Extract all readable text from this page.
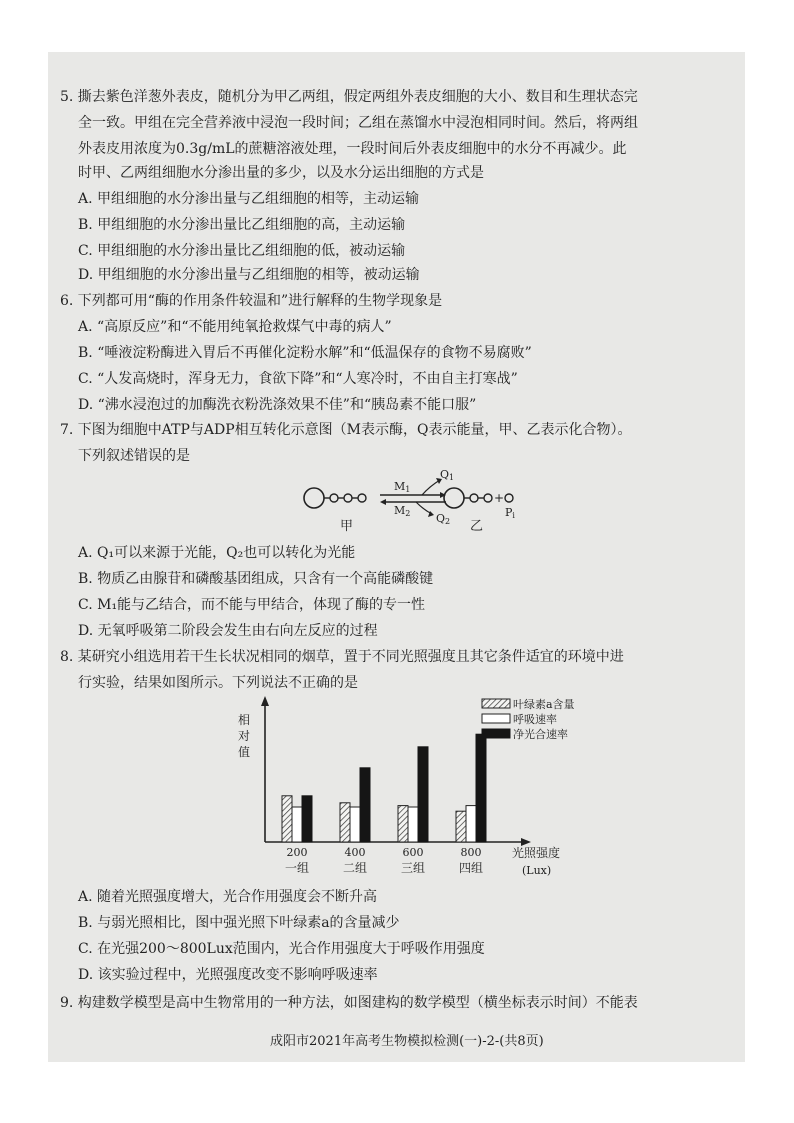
5. 撕去紫色洋葱外表皮，随机分为甲乙两组，假定两组外表皮细胞的大小、数目和生理状态完
全一致。甲组在完全营养液中浸泡一段时间；乙组在蒸馏水中浸泡相同时间。然后，将两组
外表皮用浓度为0.3g/mL的蔗糖溶液处理，一段时间后外表皮细胞中的水分不再减少。此
时甲、乙两组细胞水分渗出量的多少，以及水分运出细胞的方式是
A. 甲组细胞的水分渗出量与乙组细胞的相等，主动运输
B. 甲组细胞的水分渗出量比乙组细胞的高，主动运输
C. 甲组细胞的水分渗出量比乙组细胞的低，被动运输
D. 甲组细胞的水分渗出量与乙组细胞的相等，被动运输
6. 下列都可用“酶的作用条件较温和”进行解释的生物学现象是
A. “高原反应”和“不能用纯氧抢救煤气中毒的病人”
B. “唾液淀粉酶进入胃后不再催化淀粉水解”和“低温保存的食物不易腐败”
C. “人发高烧时，浑身无力，食欲下降”和“人寒冷时，不由自主打寒战”
D. “沸水浸泡过的加酶洗衣粉洗涤效果不佳”和“胰岛素不能口服”
7. 下图为细胞中ATP与ADP相互转化示意图（M表示酶，Q表示能量，甲、乙表示化合物）。
下列叙述错误的是
M1
M2
Q1
Q2
+
Pi
甲	乙
A. Q₁可以来源于光能，Q₂也可以转化为光能
B. 物质乙由腺苷和磷酸基团组成，只含有一个高能磷酸键
C. M₁能与乙结合，而不能与甲结合，体现了酶的专一性
D. 无氧呼吸第二阶段会发生由右向左反应的过程
8. 某研究小组选用若干生长状况相同的烟草，置于不同光照强度且其它条件适宜的环境中进
行实验，结果如图所示。下列说法不正确的是
相
对
值
光照强度
(Lux)
叶绿素a含量
呼吸速率
净光合速率
200
一组
400
二组
600
三组
800
四组
A. 随着光照强度增大，光合作用强度会不断升高
B. 与弱光照相比，图中强光照下叶绿素a的含量减少
C. 在光强200～800Lux范围内，光合作用强度大于呼吸作用强度
D. 该实验过程中，光照强度改变不影响呼吸速率
9. 构建数学模型是高中生物常用的一种方法，如图建构的数学模型（横坐标表示时间）不能表
成阳市2021年高考生物模拟检测(一)-2-(共8页)
